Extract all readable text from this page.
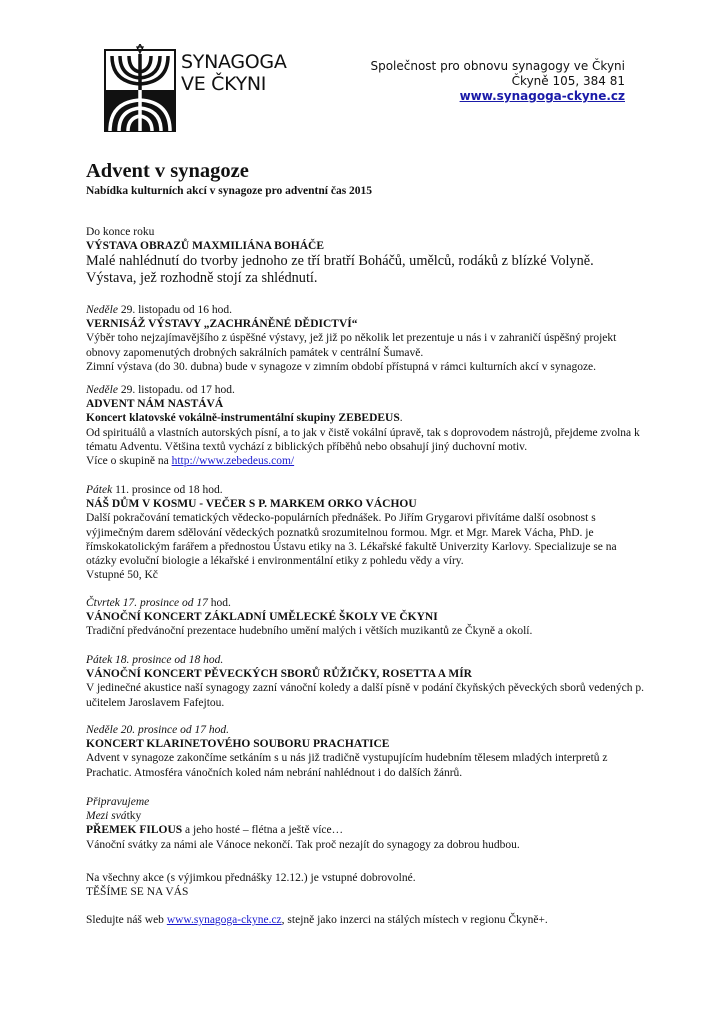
SYNAGOGA
VE ČKYNI
Společnost pro obnovu synagogy ve Čkyni
Čkyně 105, 384 81
www.synagoga-ckyne.cz
Advent v synagoze
Nabídka kulturních akcí v synagoze pro adventní čas 2015

Do konce roku

VÝSTAVA OBRAZŮ MAXMILIÁNA BOHÁČE

Malé nahlédnutí do tvorby jednoho ze tří bratří Boháčů, umělců, rodáků z blízké Volyně. Výstava, jež rozhodně stojí za shlédnutí.

Neděle 29. listopadu od 16 hod.

VERNISÁŽ VÝSTAVY „ZACHRÁNĚNÉ DĚDICTVÍ“

Výběr toho nejzajímavějšího z úspěšné výstavy, jež již po několik let prezentuje u nás i v zahraničí úspěšný projekt obnovy zapomenutých drobných sakrálních památek v centrální Šumavě.

Zimní výstava (do 30. dubna) bude v synagoze v zimním období přístupná v rámci kulturních akcí v synagoze.

Neděle 29. listopadu. od 17 hod.

ADVENT NÁM NASTÁVÁ

Koncert klatovské vokálně-instrumentální skupiny ZEBEDEUS.

Od spirituálů a vlastních autorských písní, a to jak v čistě vokální úpravě, tak s doprovodem nástrojů, přejdeme zvolna k tématu Adventu. Většina textů vychází z biblických příběhů nebo obsahují jiný duchovní motiv.

Více o skupině na http://www.zebedeus.com/

Pátek 11. prosince od 18 hod.

NÁŠ DŮM V KOSMU - VEČER S P. MARKEM ORKO VÁCHOU

Další pokračování tematických vědecko-populárních přednášek. Po Jiřím Grygarovi přivítáme další osobnost s výjimečným darem sdělování vědeckých poznatků srozumitelnou formou. Mgr. et Mgr. Marek Vácha, PhD. je římskokatolickým farářem a přednostou Ústavu etiky na 3. Lékařské fakultě Univerzity Karlovy. Specializuje se na otázky evoluční biologie a lékařské i environmentální etiky z pohledu vědy a víry.

Vstupné 50, Kč

Čtvrtek 17. prosince od 17 hod.

VÁNOČNÍ KONCERT ZÁKLADNÍ UMĚLECKÉ ŠKOLY VE ČKYNI

Tradiční předvánoční prezentace hudebního umění malých i větších muzikantů ze Čkyně a okolí.

Pátek 18. prosince od 18 hod.

VÁNOČNÍ KONCERT PĚVECKÝCH SBORŮ RŮŽIČKY, ROSETTA A MÍR

V jedinečné akustice naší synagogy zazní vánoční koledy a další písně v podání čkyňských pěveckých sborů vedených p. učitelem Jaroslavem Fafejtou.

Neděle 20. prosince od 17 hod.

KONCERT KLARINETOVÉHO SOUBORU PRACHATICE

Advent v synagoze zakončíme setkáním s u nás již tradičně vystupujícím hudebním tělesem mladých interpretů z Prachatic. Atmosféra vánočních koled nám nebrání nahlédnout i do dalších žánrů.

Připravujeme

Mezi svátky

PŘEMEK FILOUS a jeho hosté – flétna a ještě více…

Vánoční svátky za námi ale Vánoce nekončí. Tak proč nezajít do synagogy za dobrou hudbou.

Na všechny akce (s výjimkou přednášky 12.12.) je vstupné dobrovolné.

TĚŠÍME SE NA VÁS

Sledujte náš web www.synagoga-ckyne.cz, stejně jako inzerci na stálých místech v regionu Čkyně+.
